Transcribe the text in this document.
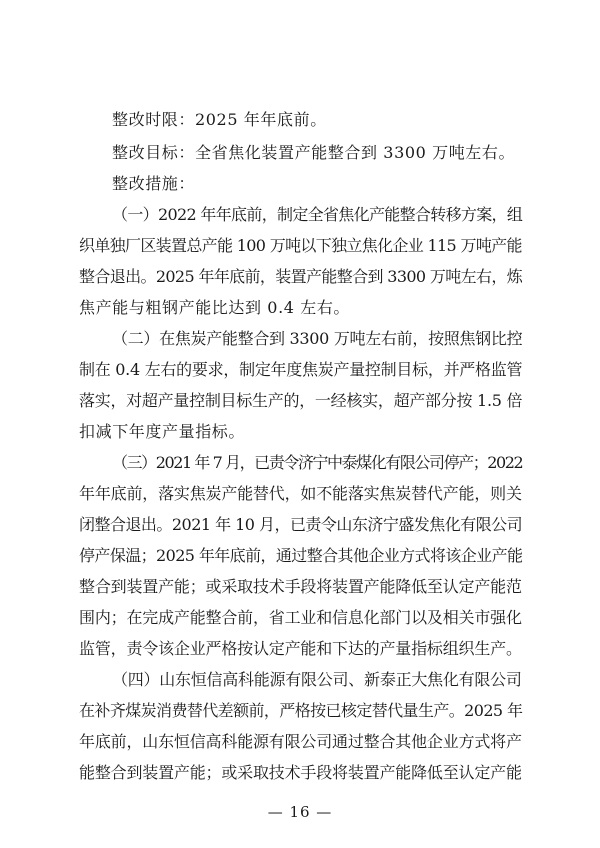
整改时限：2025 年年底前。
整改目标：全省焦化装置产能整合到 3300 万吨左右。
整改措施：
（一）2022 年年底前，制定全省焦化产能整合转移方案，组
织单独厂区装置总产能 100 万吨以下独立焦化企业 115 万吨产能
整合退出。2025 年年底前，装置产能整合到 3300 万吨左右，炼
焦产能与粗钢产能比达到 0.4 左右。
（二）在焦炭产能整合到 3300 万吨左右前，按照焦钢比控
制在 0.4 左右的要求，制定年度焦炭产量控制目标，并严格监管
落实，对超产量控制目标生产的，一经核实，超产部分按 1.5 倍
扣减下年度产量指标。
（三）2021 年 7 月，已责令济宁中泰煤化有限公司停产；2022
年年底前，落实焦炭产能替代，如不能落实焦炭替代产能，则关
闭整合退出。2021 年 10 月，已责令山东济宁盛发焦化有限公司
停产保温；2025 年年底前，通过整合其他企业方式将该企业产能
整合到装置产能；或采取技术手段将装置产能降低至认定产能范
围内；在完成产能整合前，省工业和信息化部门以及相关市强化
监管，责令该企业严格按认定产能和下达的产量指标组织生产。
（四）山东恒信高科能源有限公司、新泰正大焦化有限公司
在补齐煤炭消费替代差额前，严格按已核定替代量生产。2025 年
年底前，山东恒信高科能源有限公司通过整合其他企业方式将产
能整合到装置产能；或采取技术手段将装置产能降低至认定产能
— 16 —
